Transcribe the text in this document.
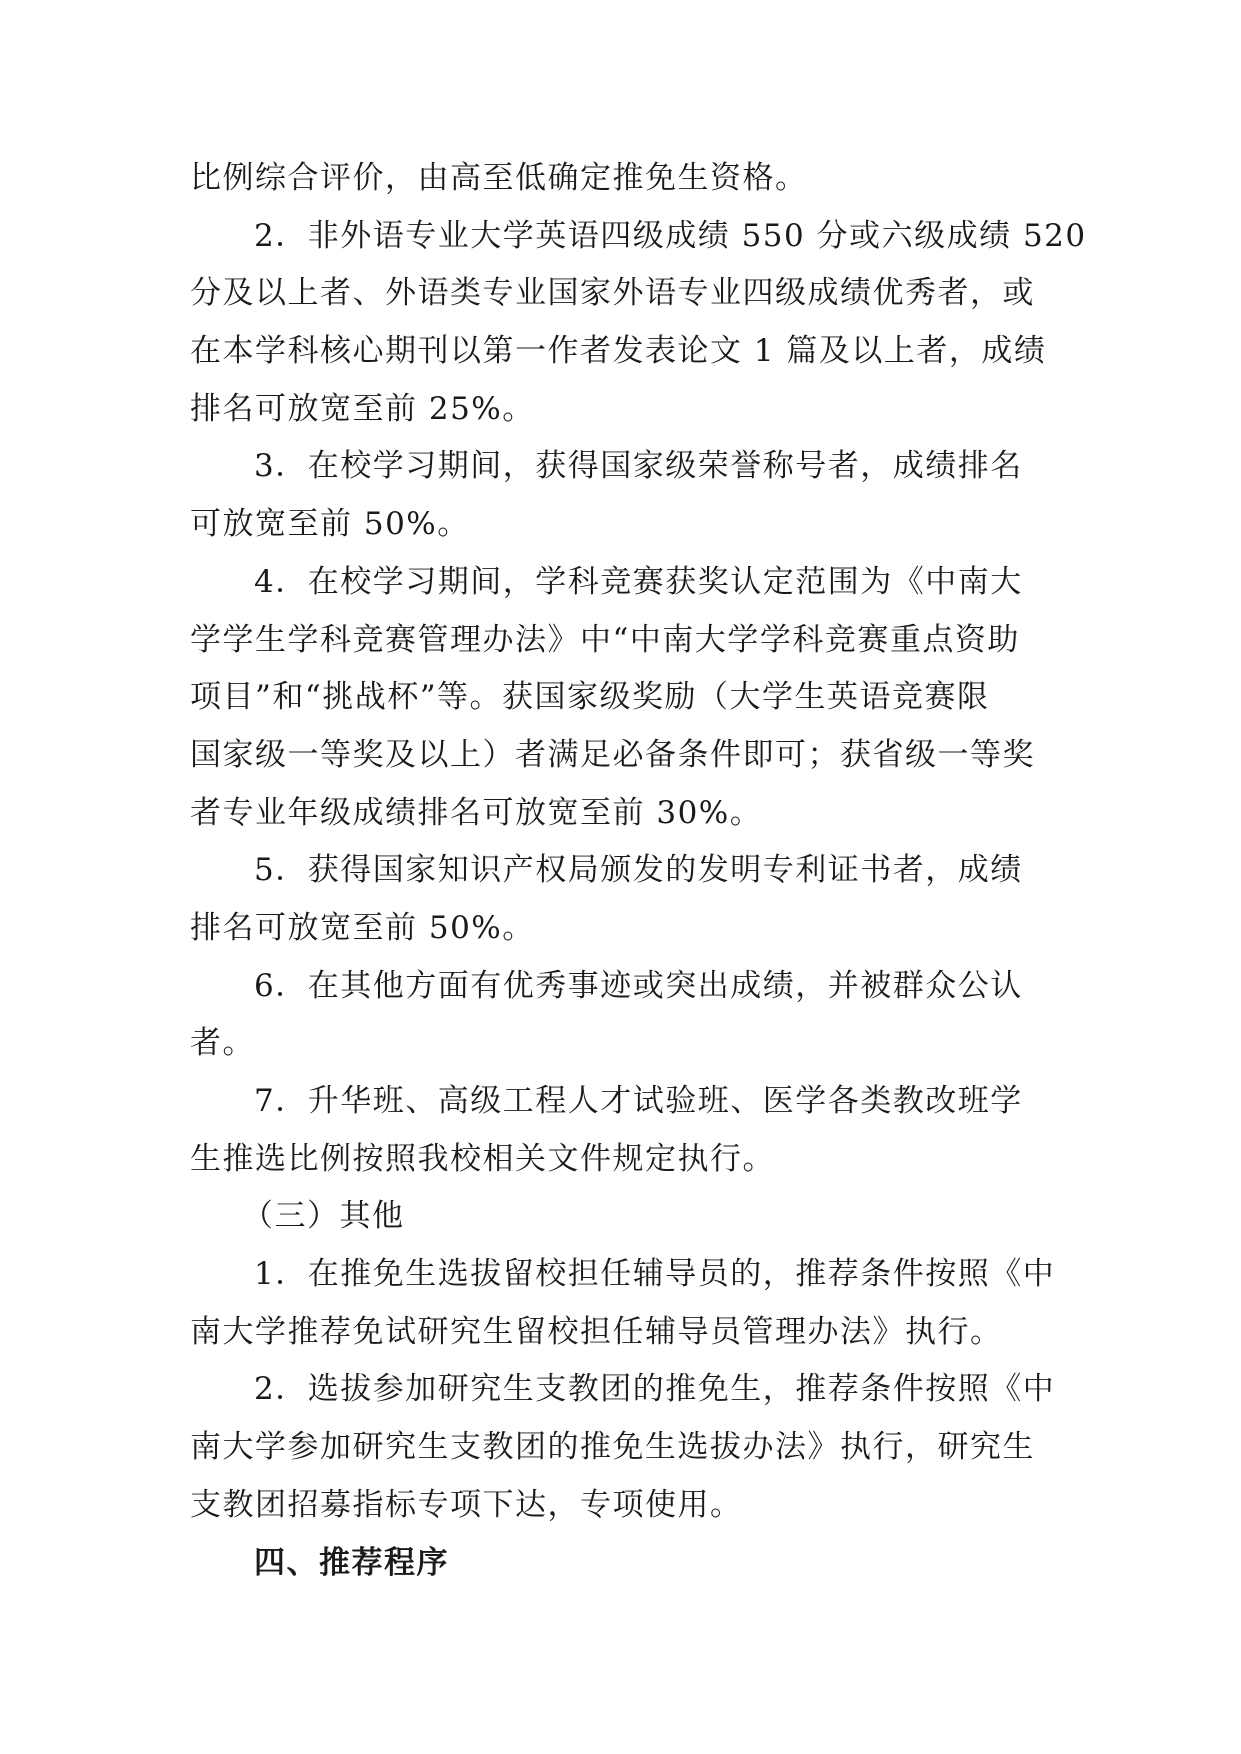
比例综合评价，由高至低确定推免生资格。
2．非外语专业大学英语四级成绩 550 分或六级成绩 520
分及以上者、外语类专业国家外语专业四级成绩优秀者，或
在本学科核心期刊以第一作者发表论文 1 篇及以上者，成绩
排名可放宽至前 25%。
3．在校学习期间，获得国家级荣誉称号者，成绩排名
可放宽至前 50%。
4．在校学习期间，学科竞赛获奖认定范围为《中南大
学学生学科竞赛管理办法》中“中南大学学科竞赛重点资助
项目”和“挑战杯”等。获国家级奖励（大学生英语竞赛限
国家级一等奖及以上）者满足必备条件即可；获省级一等奖
者专业年级成绩排名可放宽至前 30%。
5．获得国家知识产权局颁发的发明专利证书者，成绩
排名可放宽至前 50%。
6．在其他方面有优秀事迹或突出成绩，并被群众公认
者。
7．升华班、高级工程人才试验班、医学各类教改班学
生推选比例按照我校相关文件规定执行。
（三）其他
1．在推免生选拔留校担任辅导员的，推荐条件按照《中
南大学推荐免试研究生留校担任辅导员管理办法》执行。
2．选拔参加研究生支教团的推免生，推荐条件按照《中
南大学参加研究生支教团的推免生选拔办法》执行，研究生
支教团招募指标专项下达，专项使用。
四、推荐程序
